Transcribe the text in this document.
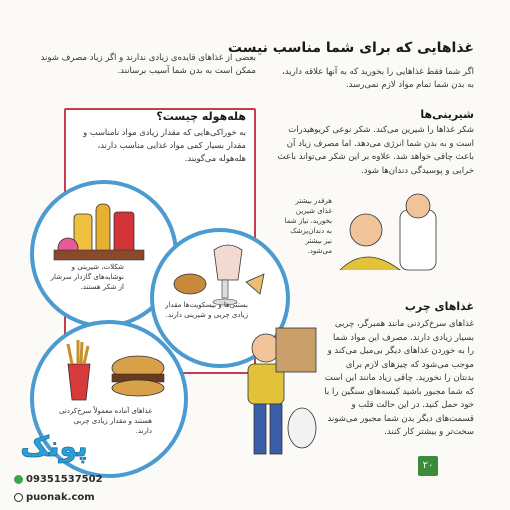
غذاهایی که برای شما مناسب نیست
اگر شما فقط غذاهایی را بخورید که به آنها علاقه دارید، به بدن شما تمام مواد لازم نمی‌رسد.
بعضی از غذاهای قایده‌ی زیادی ندارند و اگر زیاد مصرف شوند ممکن است به بدن شما آسیب برسانند.
هله‌هوله چیست؟
به خوراکی‌هایی که مقدار زیادی مواد نامناسب و مقدار بسیار کمی مواد غذایی مناسب دارند، هله‌هوله می‌گویند.
شکلات، شیرینی و نوشابه‌های گازدار سرشار از شکر هستند.
بستنی‌ها و بیسکویت‌ها مقدار زیادی چربی و شیرینی دارند.
غذاهای آماده معمولاً سرخ‌کردنی هستند و مقدار زیادی چربی دارند.
شیرینی‌ها
شکر غذاها را شیرین می‌کند. شکر نوعی کربوهیدرات است و به بدن شما انرژی می‌دهد. اما مصرف زیاد آن باعث چاقی خواهد شد. علاوه بر این شکر می‌تواند باعث خرابی و پوسیدگی دندان‌ها شود.
هرقدر بیشتر غذای شیرین بخورید، نیاز شما به دندان‌پزشک نیز بیشتر می‌شود.
غذاهای چرب
غذاهای سرخ‌کردنی مانند همبرگر، چربی بسیار زیادی دارند. مصرف این مواد شما را به خوردن غذاهای دیگر بی‌میل می‌کند و موجب می‌شود که چیزهای لازم برای بدنتان را نخورید. چاقی زیاد مانند این است که شما مجبور باشید کیسه‌های سنگین را با خود حمل کنید. در این حالت قلب و قسمت‌های دیگر بدن شما مجبور می‌شوند سخت‌تر و بیشتر کار کنند.
۲۰
پونک
09351537502
puonak.com
